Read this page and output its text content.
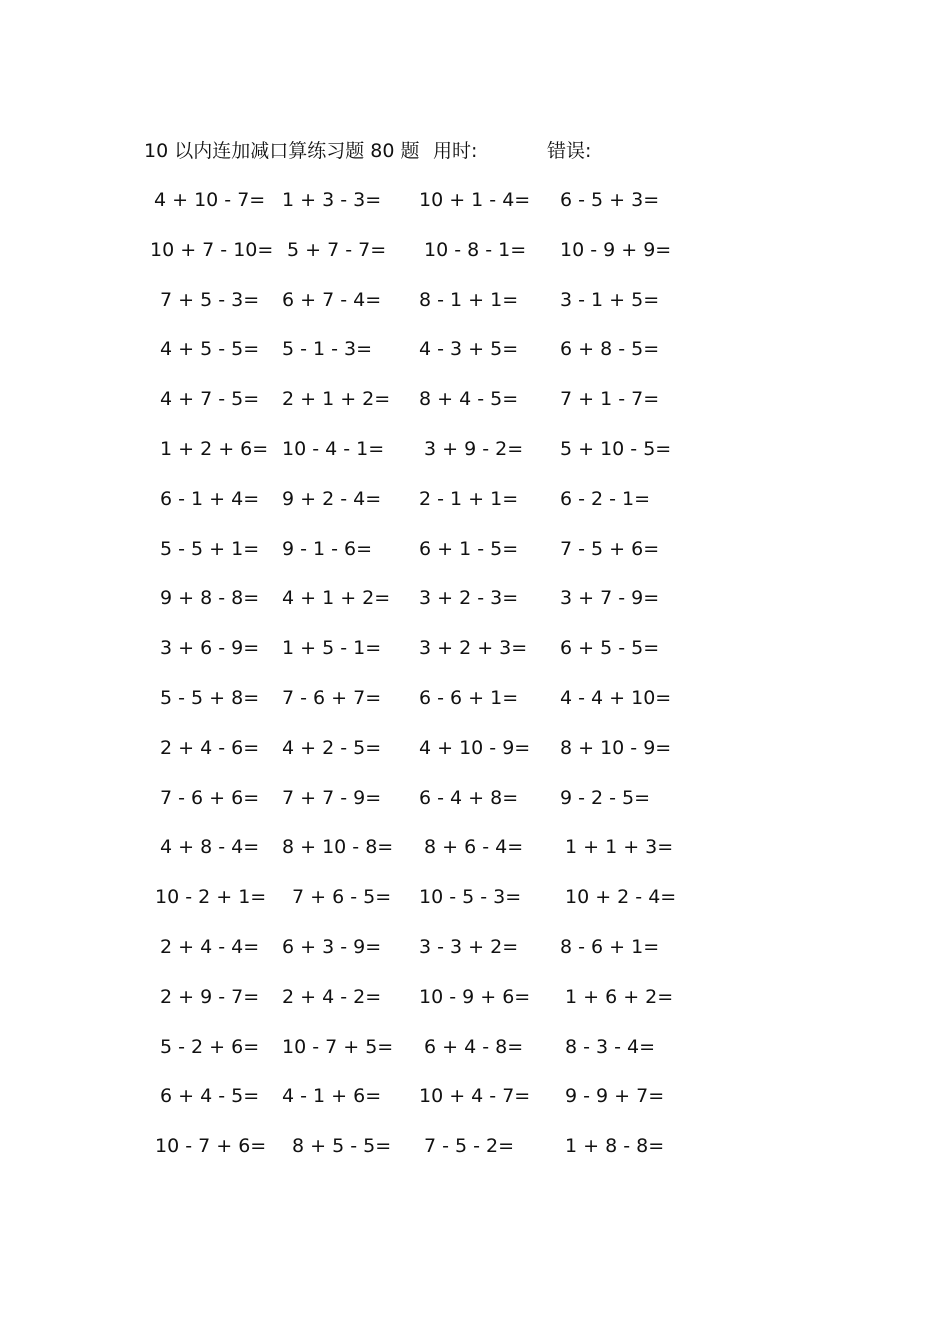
10 以内连加减口算练习题 80 题 用时:	错误:
4 + 10 - 7= 1 + 3 - 3=	10 + 1 - 4=	6 - 5 + 3=
10 + 7 - 10= 5 + 7 - 7=	10 - 8 - 1=	10 - 9 + 9=
7 + 5 - 3=	6 + 7 - 4=	8 - 1 + 1=	3 - 1 + 5=
4 + 5 - 5=	5 - 1 - 3=	4 - 3 + 5=	6 + 8 - 5=
4 + 7 - 5=	2 + 1 + 2=	8 + 4 - 5=	7 + 1 - 7=
1 + 2 + 6= 10 - 4 - 1=	3 + 9 - 2=	5 + 10 - 5=
6 - 1 + 4=	9 + 2 - 4=	2 - 1 + 1=	6 - 2 - 1=
5 - 5 + 1=	9 - 1 - 6=	6 + 1 - 5=	7 - 5 + 6=
9 + 8 - 8=	4 + 1 + 2=	3 + 2 - 3=	3 + 7 - 9=
3 + 6 - 9=	1 + 5 - 1=	3 + 2 + 3=	6 + 5 - 5=
5 - 5 + 8=	7 - 6 + 7=	6 - 6 + 1=	4 - 4 + 10=
2 + 4 - 6=	4 + 2 - 5=	4 + 10 - 9=	8 + 10 - 9=
7 - 6 + 6=	7 + 7 - 9=	6 - 4 + 8=	9 - 2 - 5=
4 + 8 - 4=	8 + 10 - 8=	8 + 6 - 4=	1 + 1 + 3=
10 - 2 + 1=	7 + 6 - 5=	10 - 5 - 3=	10 + 2 - 4=
2 + 4 - 4=	6 + 3 - 9=	3 - 3 + 2=	8 - 6 + 1=
2 + 9 - 7=	2 + 4 - 2=	10 - 9 + 6=	1 + 6 + 2=
5 - 2 + 6=	10 - 7 + 5=	6 + 4 - 8=	8 - 3 - 4=
6 + 4 - 5=	4 - 1 + 6=	10 + 4 - 7=	9 - 9 + 7=
10 - 7 + 6=	8 + 5 - 5=	7 - 5 - 2=	1 + 8 - 8=
